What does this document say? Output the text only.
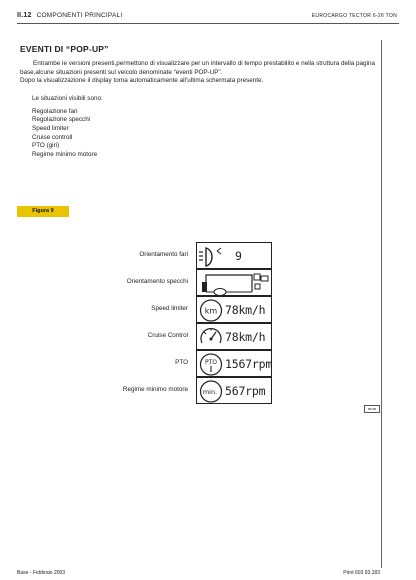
II.12 COMPONENTI PRINCIPALI	EUROCARGO TECTOR 6-26 TON
EVENTI DI “POP-UP”

Entrambe le versioni presenti,permettono di visualizzare per un intervallo di tempo prestabilito e nella struttura della pagina base,alcune situazioni presenti sul veicolo denominate “eventi POP-UP”.

Dopo la visualizzazione il display torna automaticamente all’ultima schermata presente.

Le situazioni visibili sono:
Regolazione fari
Regolazione specchi
Speed limiter
Cruise controll
PTO (giri)
Regime minimo motore
Figura 9
Orientamento fari	9
Orientamento specchi
Speed limiter km 78km/h
Cruise Control	78km/h
PTO	PTO 1567rpm
Regime minimo motore min. 567rpm
85189
Base - Febbraio 2003	Print 603.93.183
